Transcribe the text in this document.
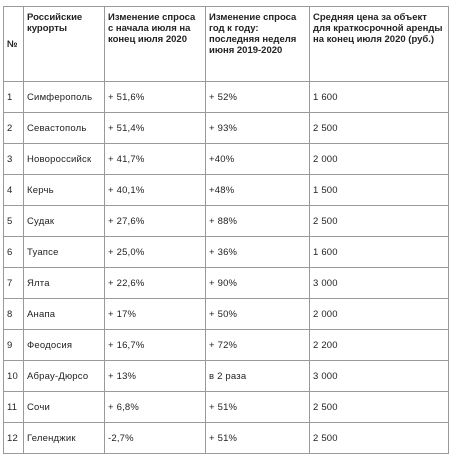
№	Российские курорты	Изменение спроса с начала июля на конец июля 2020	Изменение спроса год к году: последняя неделя июня 2019-2020	Средняя цена за объект для краткосрочной аренды на конец июля 2020 (руб.)
1	Симферополь	+ 51,6%	+ 52%	1 600
2	Севастополь	+ 51,4%	+ 93%	2 500
3	Новороссийск	+ 41,7%	+40%	2 000
4	Керчь	+ 40,1%	+48%	1 500
5	Судак	+ 27,6%	+ 88%	2 500
6	Туапсе	+ 25,0%	+ 36%	1 600
7	Ялта	+ 22,6%	+ 90%	3 000
8	Анапа	+ 17%	+ 50%	2 000
9	Феодосия	+ 16,7%	+ 72%	2 200
10	Абрау-Дюрсо	+ 13%	в 2 раза	3 000
11	Сочи	+ 6,8%	+ 51%	2 500
12	Геленджик	-2,7%	+ 51%	2 500
